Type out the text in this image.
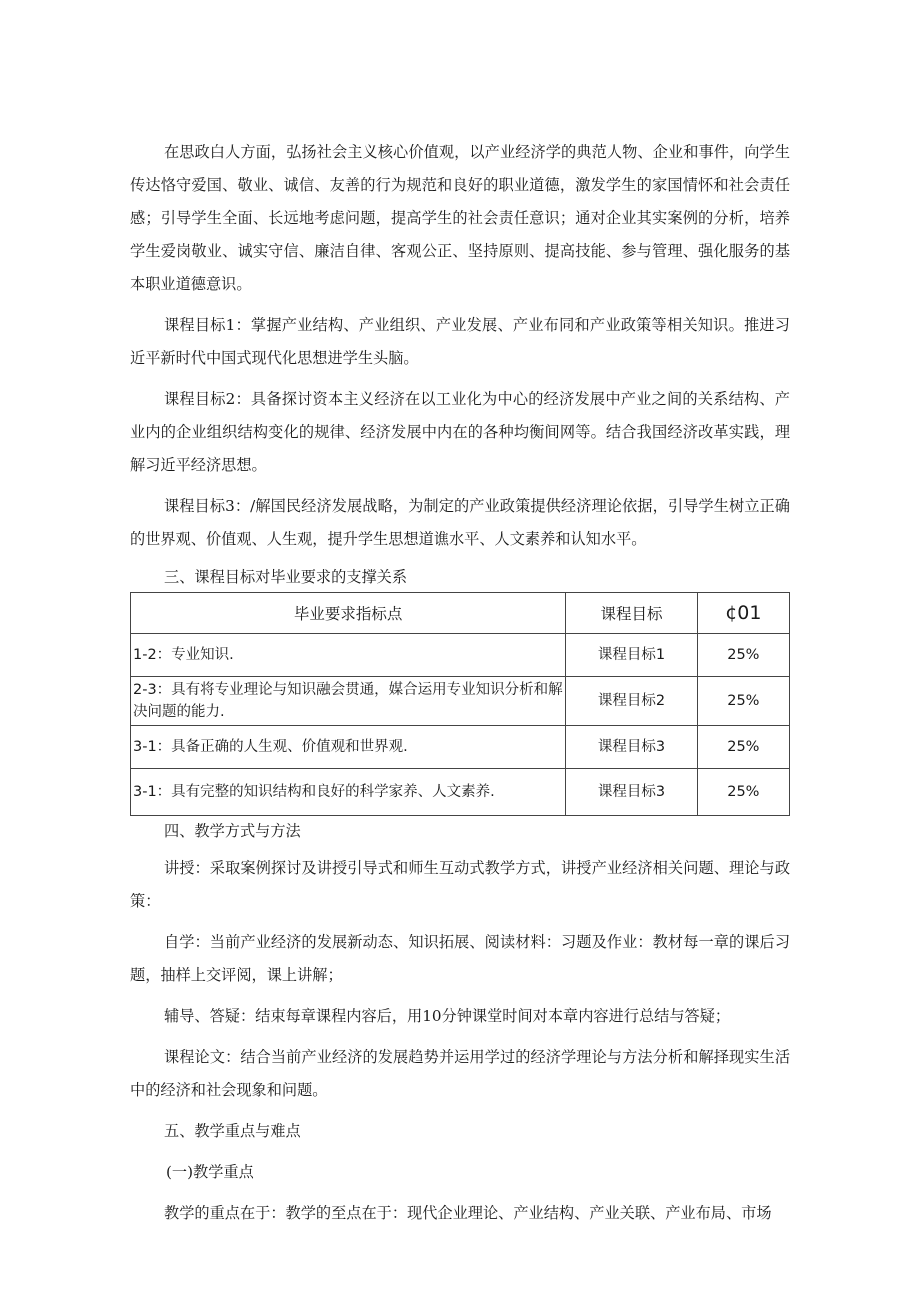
在思政白人方面，弘扬社会主义核心价值观，以产业经济学的典范人物、企业和事件，向学生传达恪守爱国、敬业、诚信、友善的行为规范和良好的职业道德，激发学生的家国情怀和社会责任感；引导学生全面、长远地考虑问题，提高学生的社会责任意识；通对企业其实案例的分析，培养学生爱岗敬业、诚实守信、廉洁自律、客观公正、坚持原则、提高技能、参与管理、强化服务的基本职业道德意识。

课程目标1：掌握产业结构、产业组织、产业发展、产业布同和产业政策等相关知识。推进习近平新时代中国式现代化思想进学生头脑。

课程目标2：具备探讨资本主义经济在以工业化为中心的经济发展中产业之间的关系结构、产业内的企业组织结构变化的规律、经济发展中内在的各种均衡间网等。结合我国经济改革实践，理解习近平经济思想。

课程目标3：/解国民经济发展战略，为制定的产业政策提供经济理论依据，引导学生树立正确的世界观、价值观、人生观，提升学生思想道谯水平、人文素养和认知水平。

三、课程目标对毕业要求的支撑关系

毕业要求指标点	课程目标	¢01
1-2：专业知识.	课程目标1	25%
2-3：具有将专业理论与知识融会贯通，媒合运用专业知识分析和解决问题的能力.	课程目标2	25%
3-1：具备正确的人生观、价值观和世界观.	课程目标3	25%
3-1：具有完整的知识结构和良好的科学家养、人文素养.	课程目标3	25%

四、教学方式与方法

讲授：采取案例探讨及讲授引导式和师生互动式教学方式，讲授产业经济相关问题、理论与政策：

自学：当前产业经济的发展新动态、知识拓展、阅读材料：习题及作业：教材每一章的课后习题，抽样上交评阅，课上讲解；

辅导、答疑：结束每章课程内容后，用10分钟课堂时间对本章内容进行总结与答疑；

课程论文：结合当前产业经济的发展趋势并运用学过的经济学理论与方法分析和解择现实生活中的经济和社会现象和问题。

五、教学重点与难点

(一)教学重点

教学的重点在于：教学的至点在于：现代企业理论、产业结构、产业关联、产业布局、市场
